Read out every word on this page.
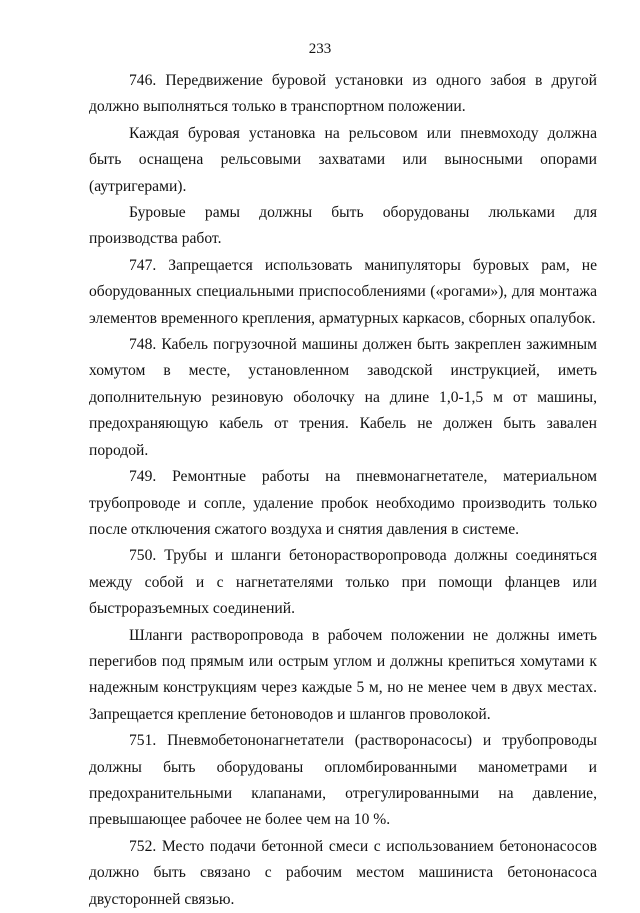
233

746. Передвижение буровой установки из одного забоя в другой должно выполняться только в транспортном положении.

Каждая буровая установка на рельсовом или пневмоходу должна быть оснащена рельсовыми захватами или выносными опорами (аутригерами).

Буровые рамы должны быть оборудованы люльками для производства работ.

747. Запрещается использовать манипуляторы буровых рам, не оборудованных специальными приспособлениями («рогами»), для монтажа элементов временного крепления, арматурных каркасов, сборных опалубок.

748. Кабель погрузочной машины должен быть закреплен зажимным хомутом в месте, установленном заводской инструкцией, иметь дополнительную резиновую оболочку на длине 1,0-1,5 м от машины, предохраняющую кабель от трения. Кабель не должен быть завален породой.

749. Ремонтные работы на пневмонагнетателе, материальном трубопроводе и сопле, удаление пробок необходимо производить только после отключения сжатого воздуха и снятия давления в системе.

750. Трубы и шланги бетонорастворопровода должны соединяться между собой и с нагнетателями только при помощи фланцев или быстроразъемных соединений.

Шланги растворопровода в рабочем положении не должны иметь перегибов под прямым или острым углом и должны крепиться хомутами к надежным конструкциям через каждые 5 м, но не менее чем в двух местах. Запрещается крепление бетоноводов и шлангов проволокой.

751. Пневмобетононагнетатели (растворонасосы) и трубопроводы должны быть оборудованы опломбированными манометрами и предохранительными клапанами, отрегулированными на давление, превышающее рабочее не более чем на 10 %.

752. Место подачи бетонной смеси с использованием бетононасосов должно быть связано с рабочим местом машиниста бетононасоса двусторонней связью.
